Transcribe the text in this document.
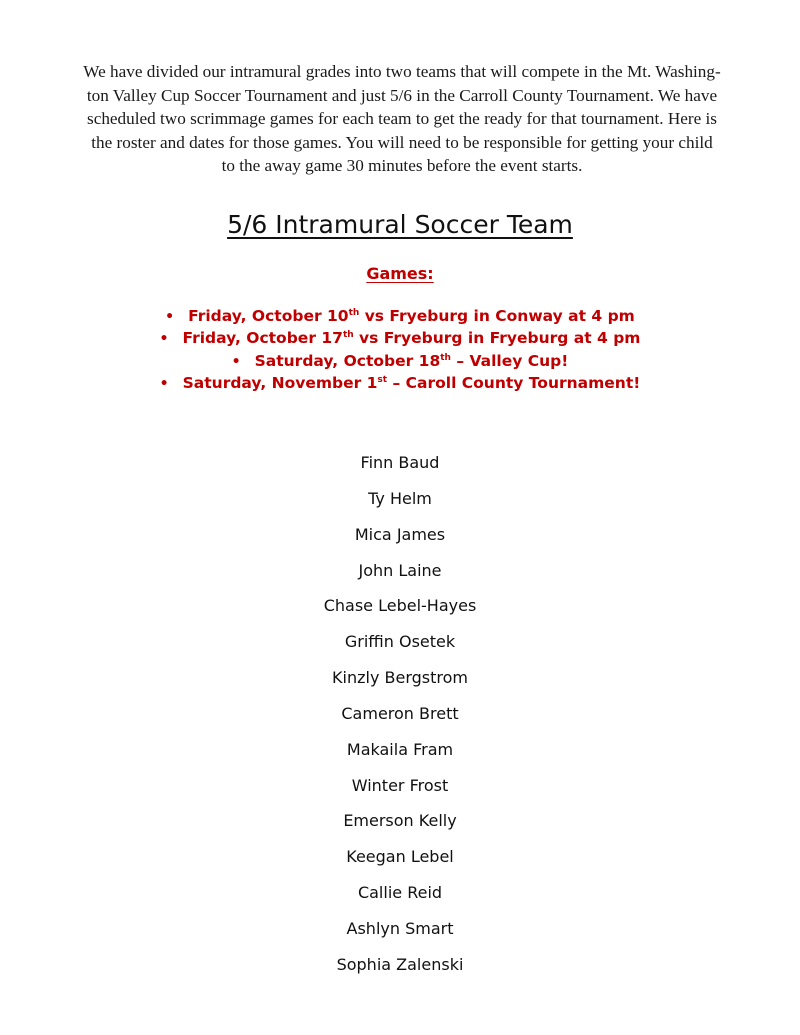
We have divided our intramural grades into two teams that will compete in the Mt. Washing-
ton Valley Cup Soccer Tournament and just 5/6 in the Carroll County Tournament. We have
scheduled two scrimmage games for each team to get the ready for that tournament. Here is
the roster and dates for those games. You will need to be responsible for getting your child
to the away game 30 minutes before the event starts.

5/6 Intramural Soccer Team
Games:
• Friday, October 10th vs Fryeburg in Conway at 4 pm
• Friday, October 17th vs Fryeburg in Fryeburg at 4 pm
• Saturday, October 18th – Valley Cup!
• Saturday, November 1st – Caroll County Tournament!
Finn Baud
Ty Helm
Mica James
John Laine
Chase Lebel-Hayes
Griffin Osetek
Kinzly Bergstrom
Cameron Brett
Makaila Fram
Winter Frost
Emerson Kelly
Keegan Lebel
Callie Reid
Ashlyn Smart
Sophia Zalenski
